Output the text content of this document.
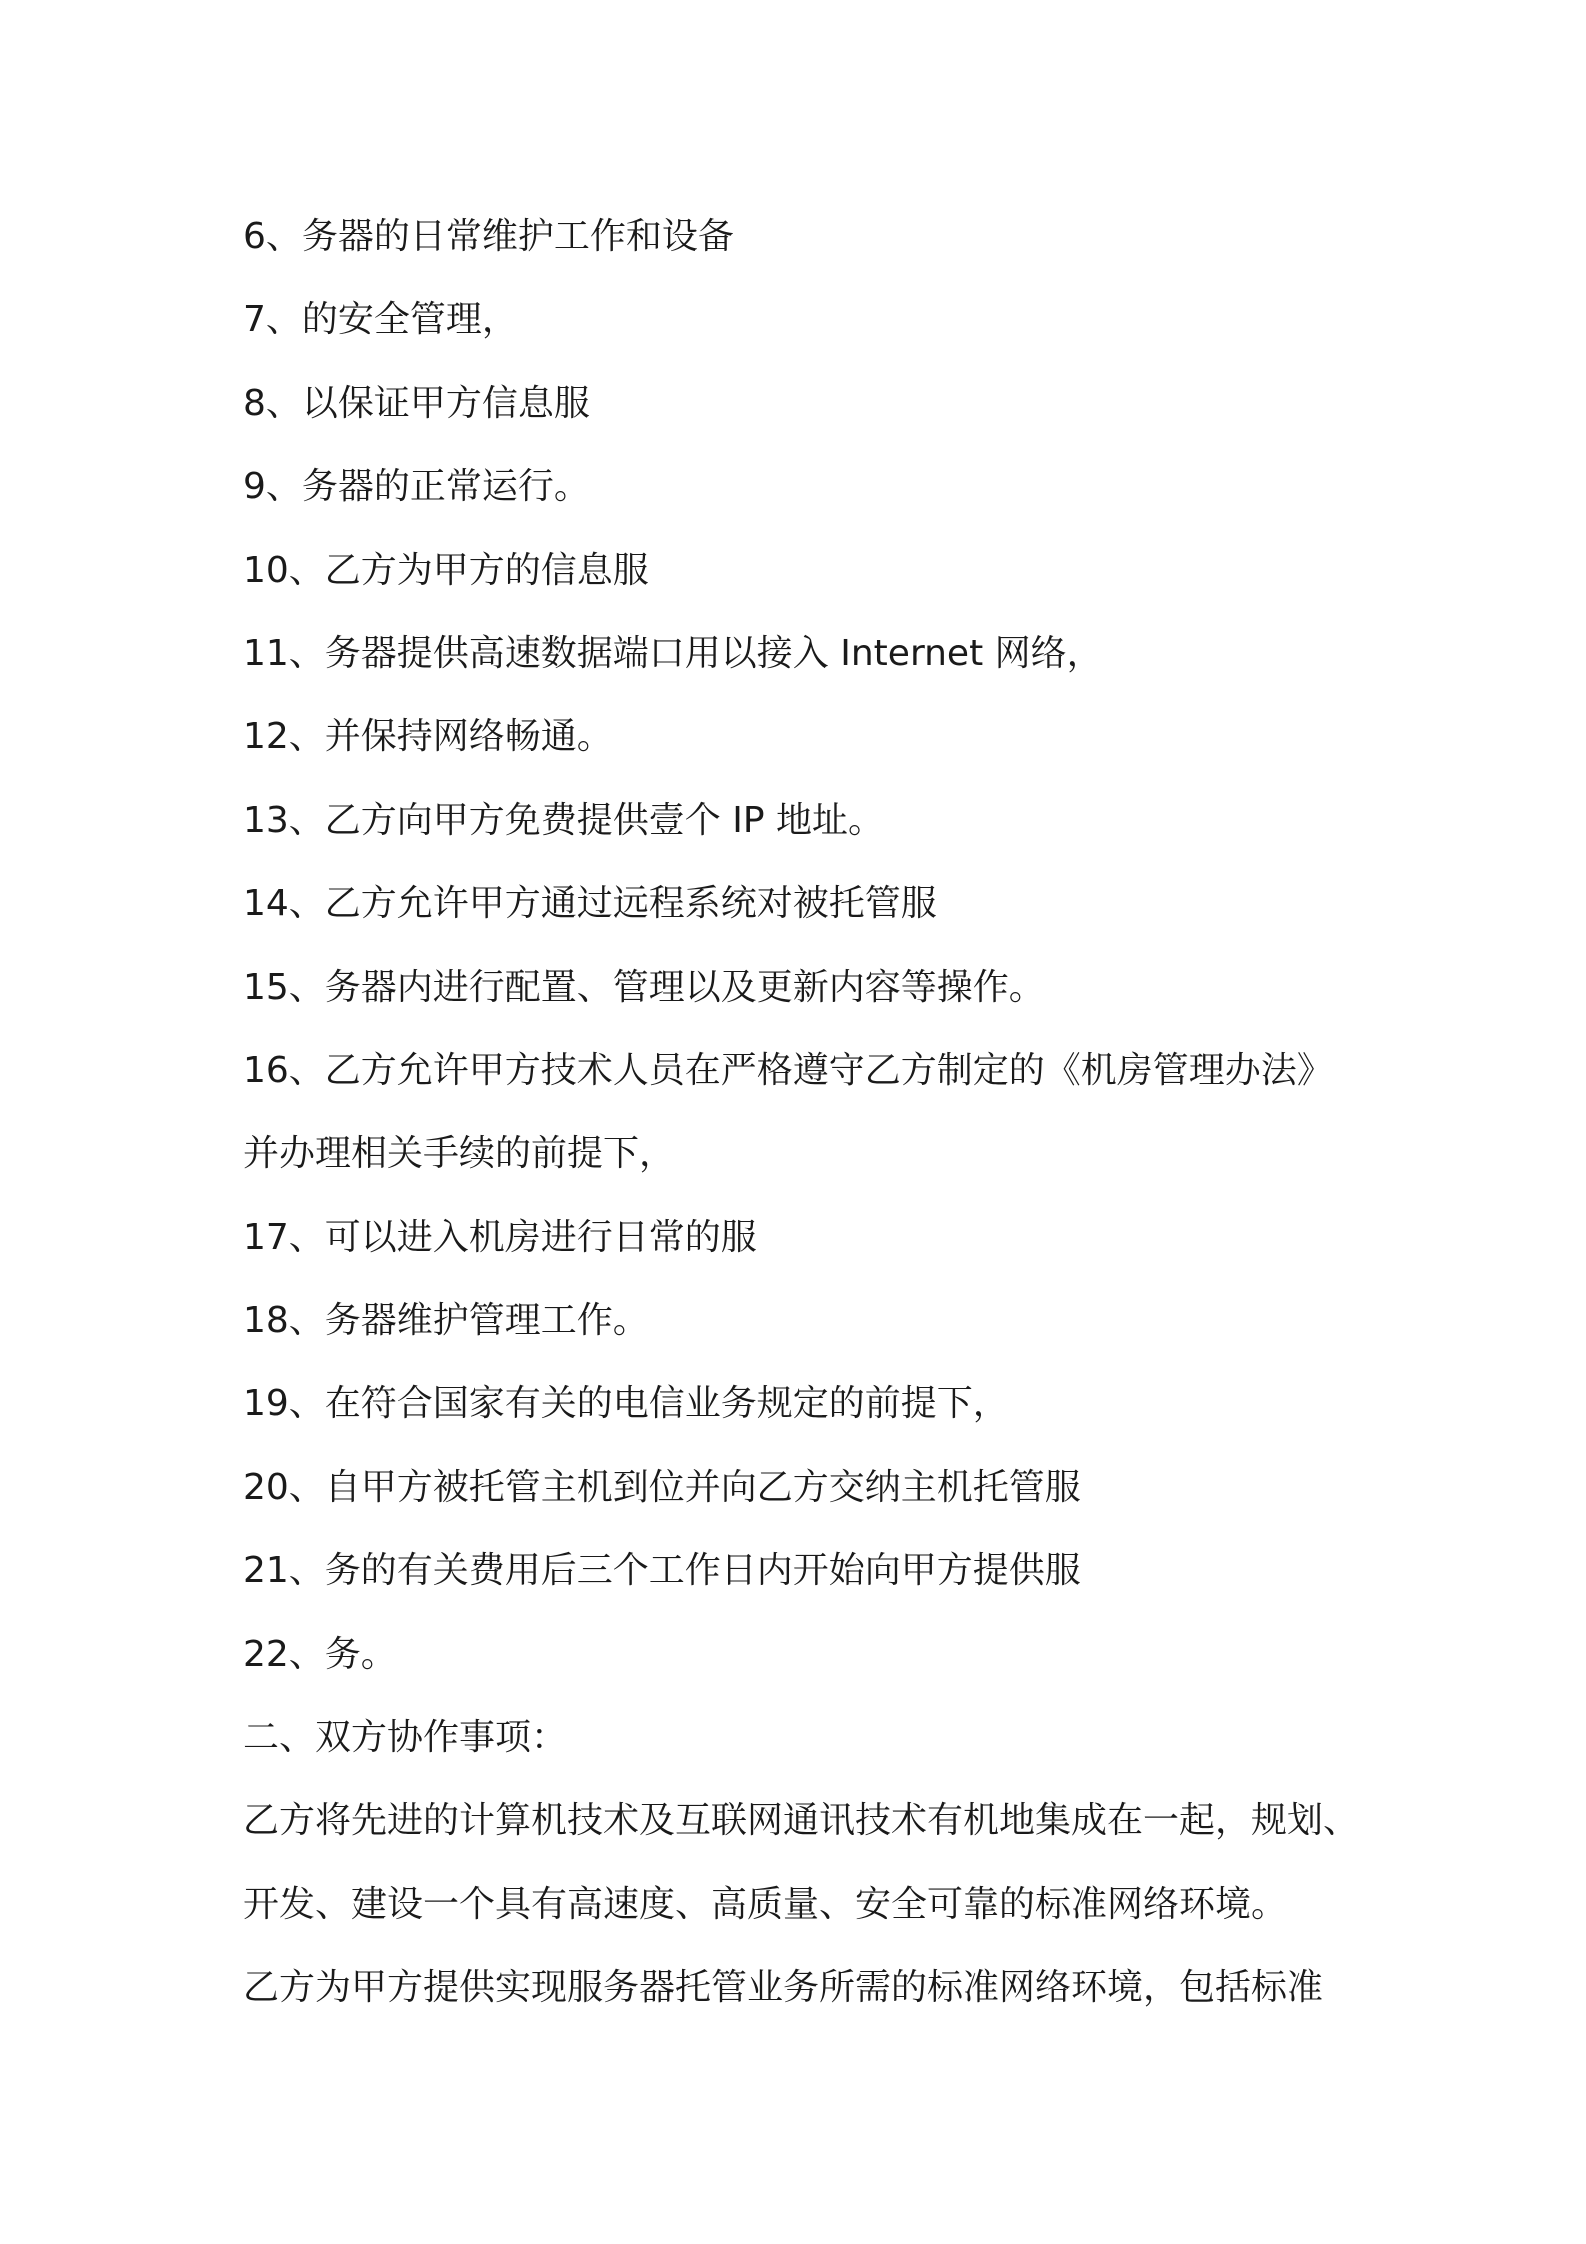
6、务器的日常维护工作和设备
7、的安全管理，
8、以保证甲方信息服
9、务器的正常运行。
10、乙方为甲方的信息服
11、务器提供高速数据端口用以接入 Internet 网络，
12、并保持网络畅通。
13、乙方向甲方免费提供壹个 IP 地址。
14、乙方允许甲方通过远程系统对被托管服
15、务器内进行配置、管理以及更新内容等操作。
16、乙方允许甲方技术人员在严格遵守乙方制定的《机房管理办法》
并办理相关手续的前提下，
17、可以进入机房进行日常的服
18、务器维护管理工作。
19、在符合国家有关的电信业务规定的前提下，
20、自甲方被托管主机到位并向乙方交纳主机托管服
21、务的有关费用后三个工作日内开始向甲方提供服
22、务。
二、双方协作事项：
乙方将先进的计算机技术及互联网通讯技术有机地集成在一起，规划、
开发、建设一个具有高速度、高质量、安全可靠的标准网络环境。
乙方为甲方提供实现服务器托管业务所需的标准网络环境，包括标准
